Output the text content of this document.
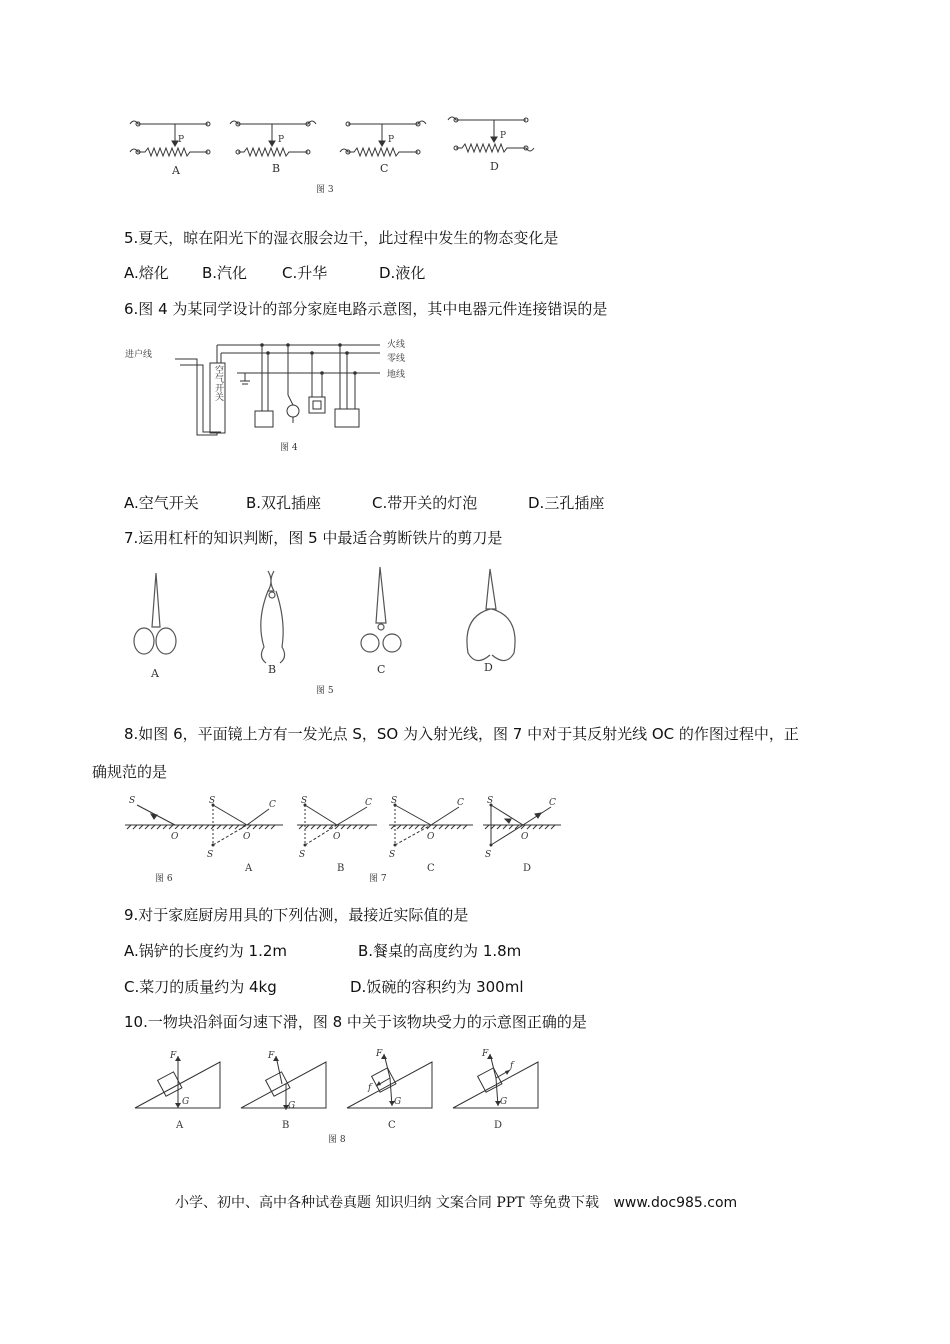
P	P	P	P
A	B	C	D
图 3
5.夏天，晾在阳光下的湿衣服会边干，此过程中发生的物态变化是
A.熔化 B.汽化 C.升华	D.液化
6.图 4 为某同学设计的部分家庭电路示意图，其中电器元件连接错误的是
进户线
火线
零线
地线
图 4
空气开关
A.空气开关	B.双孔插座	C.带开关的灯泡	D.三孔插座
7.运用杠杆的知识判断，图 5 中最适合剪断铁片的剪刀是
A	B	C	D
图 5
8.如图 6，平面镜上方有一发光点 S，SO 为入射光线，图 7 中对于其反射光线 OC 的作图过程中，正
确规范的是
S
O
S
S
O
C	S
S
O
C S
S
O
C	S
S
O
C
图 6
A	B
图 7
C	D
9.对于家庭厨房用具的下列估测，最接近实际值的是
A.锅铲的长度约为 1.2m	B.餐桌的高度约为 1.8m
C.菜刀的质量约为 4kg	D.饭碗的容积约为 300ml
10.一物块沿斜面匀速下滑，图 8 中关于该物块受力的示意图正确的是
F
G
F
G
F
G
f
F
G
f
A	B	C	D
图 8
小学、初中、高中各种试卷真题 知识归纳 文案合同 PPT 等免费下载 www.doc985.com
